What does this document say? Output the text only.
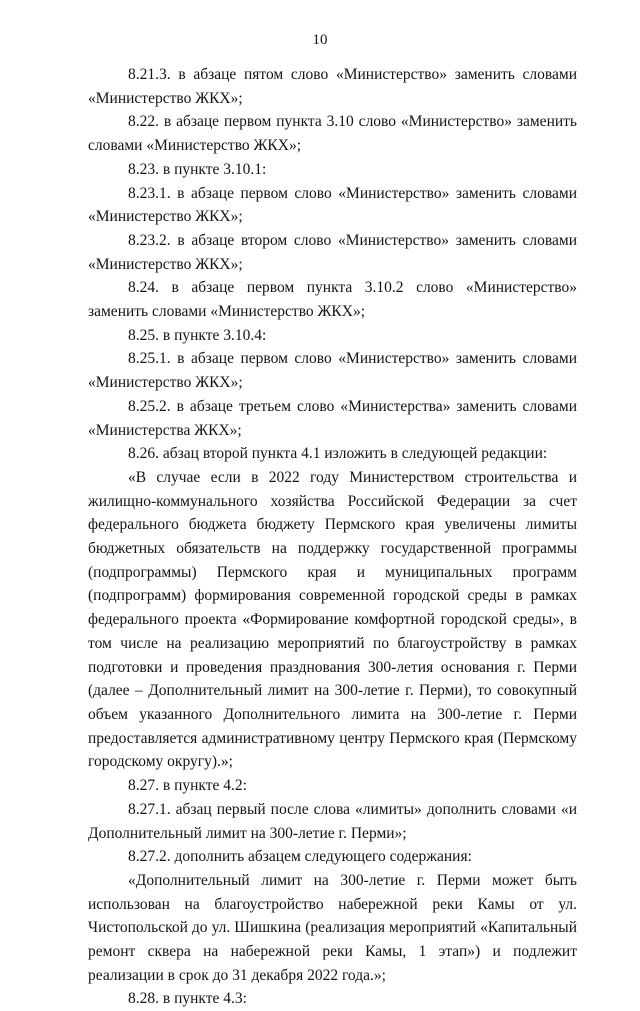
10

8.21.3. в абзаце пятом слово «Министерство» заменить словами «Министерство ЖКХ»;

8.22. в абзаце первом пункта 3.10 слово «Министерство» заменить словами «Министерство ЖКХ»;

8.23. в пункте 3.10.1:

8.23.1. в абзаце первом слово «Министерство» заменить словами «Министерство ЖКХ»;

8.23.2. в абзаце втором слово «Министерство» заменить словами «Министерство ЖКХ»;

8.24. в абзаце первом пункта 3.10.2 слово «Министерство» заменить словами «Министерство ЖКХ»;

8.25. в пункте 3.10.4:

8.25.1. в абзаце первом слово «Министерство» заменить словами «Министерство ЖКХ»;

8.25.2. в абзаце третьем слово «Министерства» заменить словами «Министерства ЖКХ»;

8.26. абзац второй пункта 4.1 изложить в следующей редакции:

«В случае если в 2022 году Министерством строительства и жилищно-коммунального хозяйства Российской Федерации за счет федерального бюджета бюджету Пермского края увеличены лимиты бюджетных обязательств на поддержку государственной программы (подпрограммы) Пермского края и муниципальных программ (подпрограмм) формирования современной городской среды в рамках федерального проекта «Формирование комфортной городской среды», в том числе на реализацию мероприятий по благоустройству в рамках подготовки и проведения празднования 300-летия основания г. Перми (далее – Дополнительный лимит на 300-летие г. Перми), то совокупный объем указанного Дополнительного лимита на 300-летие г. Перми предоставляется административному центру Пермского края (Пермскому городскому округу).»;

8.27. в пункте 4.2:

8.27.1. абзац первый после слова «лимиты» дополнить словами «и Дополнительный лимит на 300-летие г. Перми»;

8.27.2. дополнить абзацем следующего содержания:

«Дополнительный лимит на 300-летие г. Перми может быть использован на благоустройство набережной реки Камы от ул. Чистопольской до ул. Шишкина (реализация мероприятий «Капитальный ремонт сквера на набережной реки Камы, 1 этап») и подлежит реализации в срок до 31 декабря 2022 года.»;

8.28. в пункте 4.3:
